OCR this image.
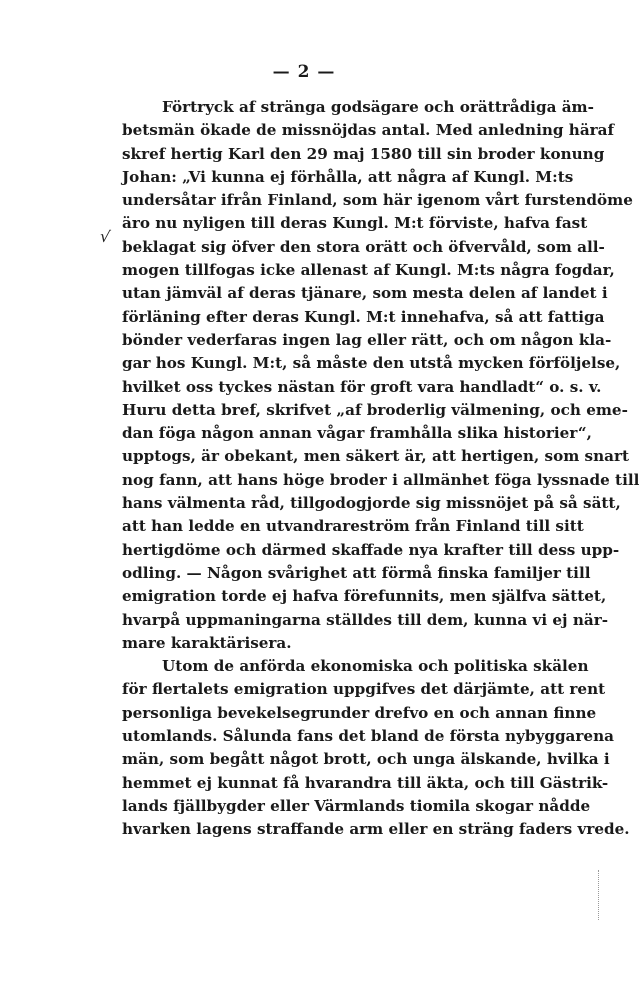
— 2 —
√
Förtryck af stränga godsägare och orättrådiga äm-
betsmän ökade de missnöjdas antal. Med anledning häraf
skref hertig Karl den 29 maj 1580 till sin broder konung
Johan: „Vi kunna ej förhålla, att några af Kungl. M:ts
undersåtar ifrån Finland, som här igenom vårt furstendöme
äro nu nyligen till deras Kungl. M:t förviste, hafva fast
beklagat sig öfver den stora orätt och öfvervåld, som all-
mogen tillfogas icke allenast af Kungl. M:ts några fogdar,
utan jämväl af deras tjänare, som mesta delen af landet i
förläning efter deras Kungl. M:t innehafva, så att fattiga
bönder vederfaras ingen lag eller rätt, och om någon kla-
gar hos Kungl. M:t, så måste den utstå mycken förföljelse,
hvilket oss tyckes nästan för groft vara handladt“ o. s. v.
Huru detta bref, skrifvet „af broderlig välmening, och eme-
dan föga någon annan vågar framhålla slika historier“,
upptogs, är obekant, men säkert är, att hertigen, som snart
nog fann, att hans höge broder i allmänhet föga lyssnade till
hans välmenta råd, tillgodogjorde sig missnöjet på så sätt,
att han ledde en utvandrareström från Finland till sitt
hertigdöme och därmed skaffade nya krafter till dess upp-
odling. — Någon svårighet att förmå finska familjer till
emigration torde ej hafva förefunnits, men själfva sättet,
hvarpå uppmaningarna ställdes till dem, kunna vi ej när-
mare karaktärisera.
Utom de anförda ekonomiska och politiska skälen
för flertalets emigration uppgifves det därjämte, att rent
personliga bevekelsegrunder drefvo en och annan finne
utomlands. Sålunda fans det bland de första nybyggarena
män, som begått något brott, och unga älskande, hvilka i
hemmet ej kunnat få hvarandra till äkta, och till Gästrik-
lands fjällbygder eller Värmlands tiomila skogar nådde
hvarken lagens straffande arm eller en sträng faders vrede.
